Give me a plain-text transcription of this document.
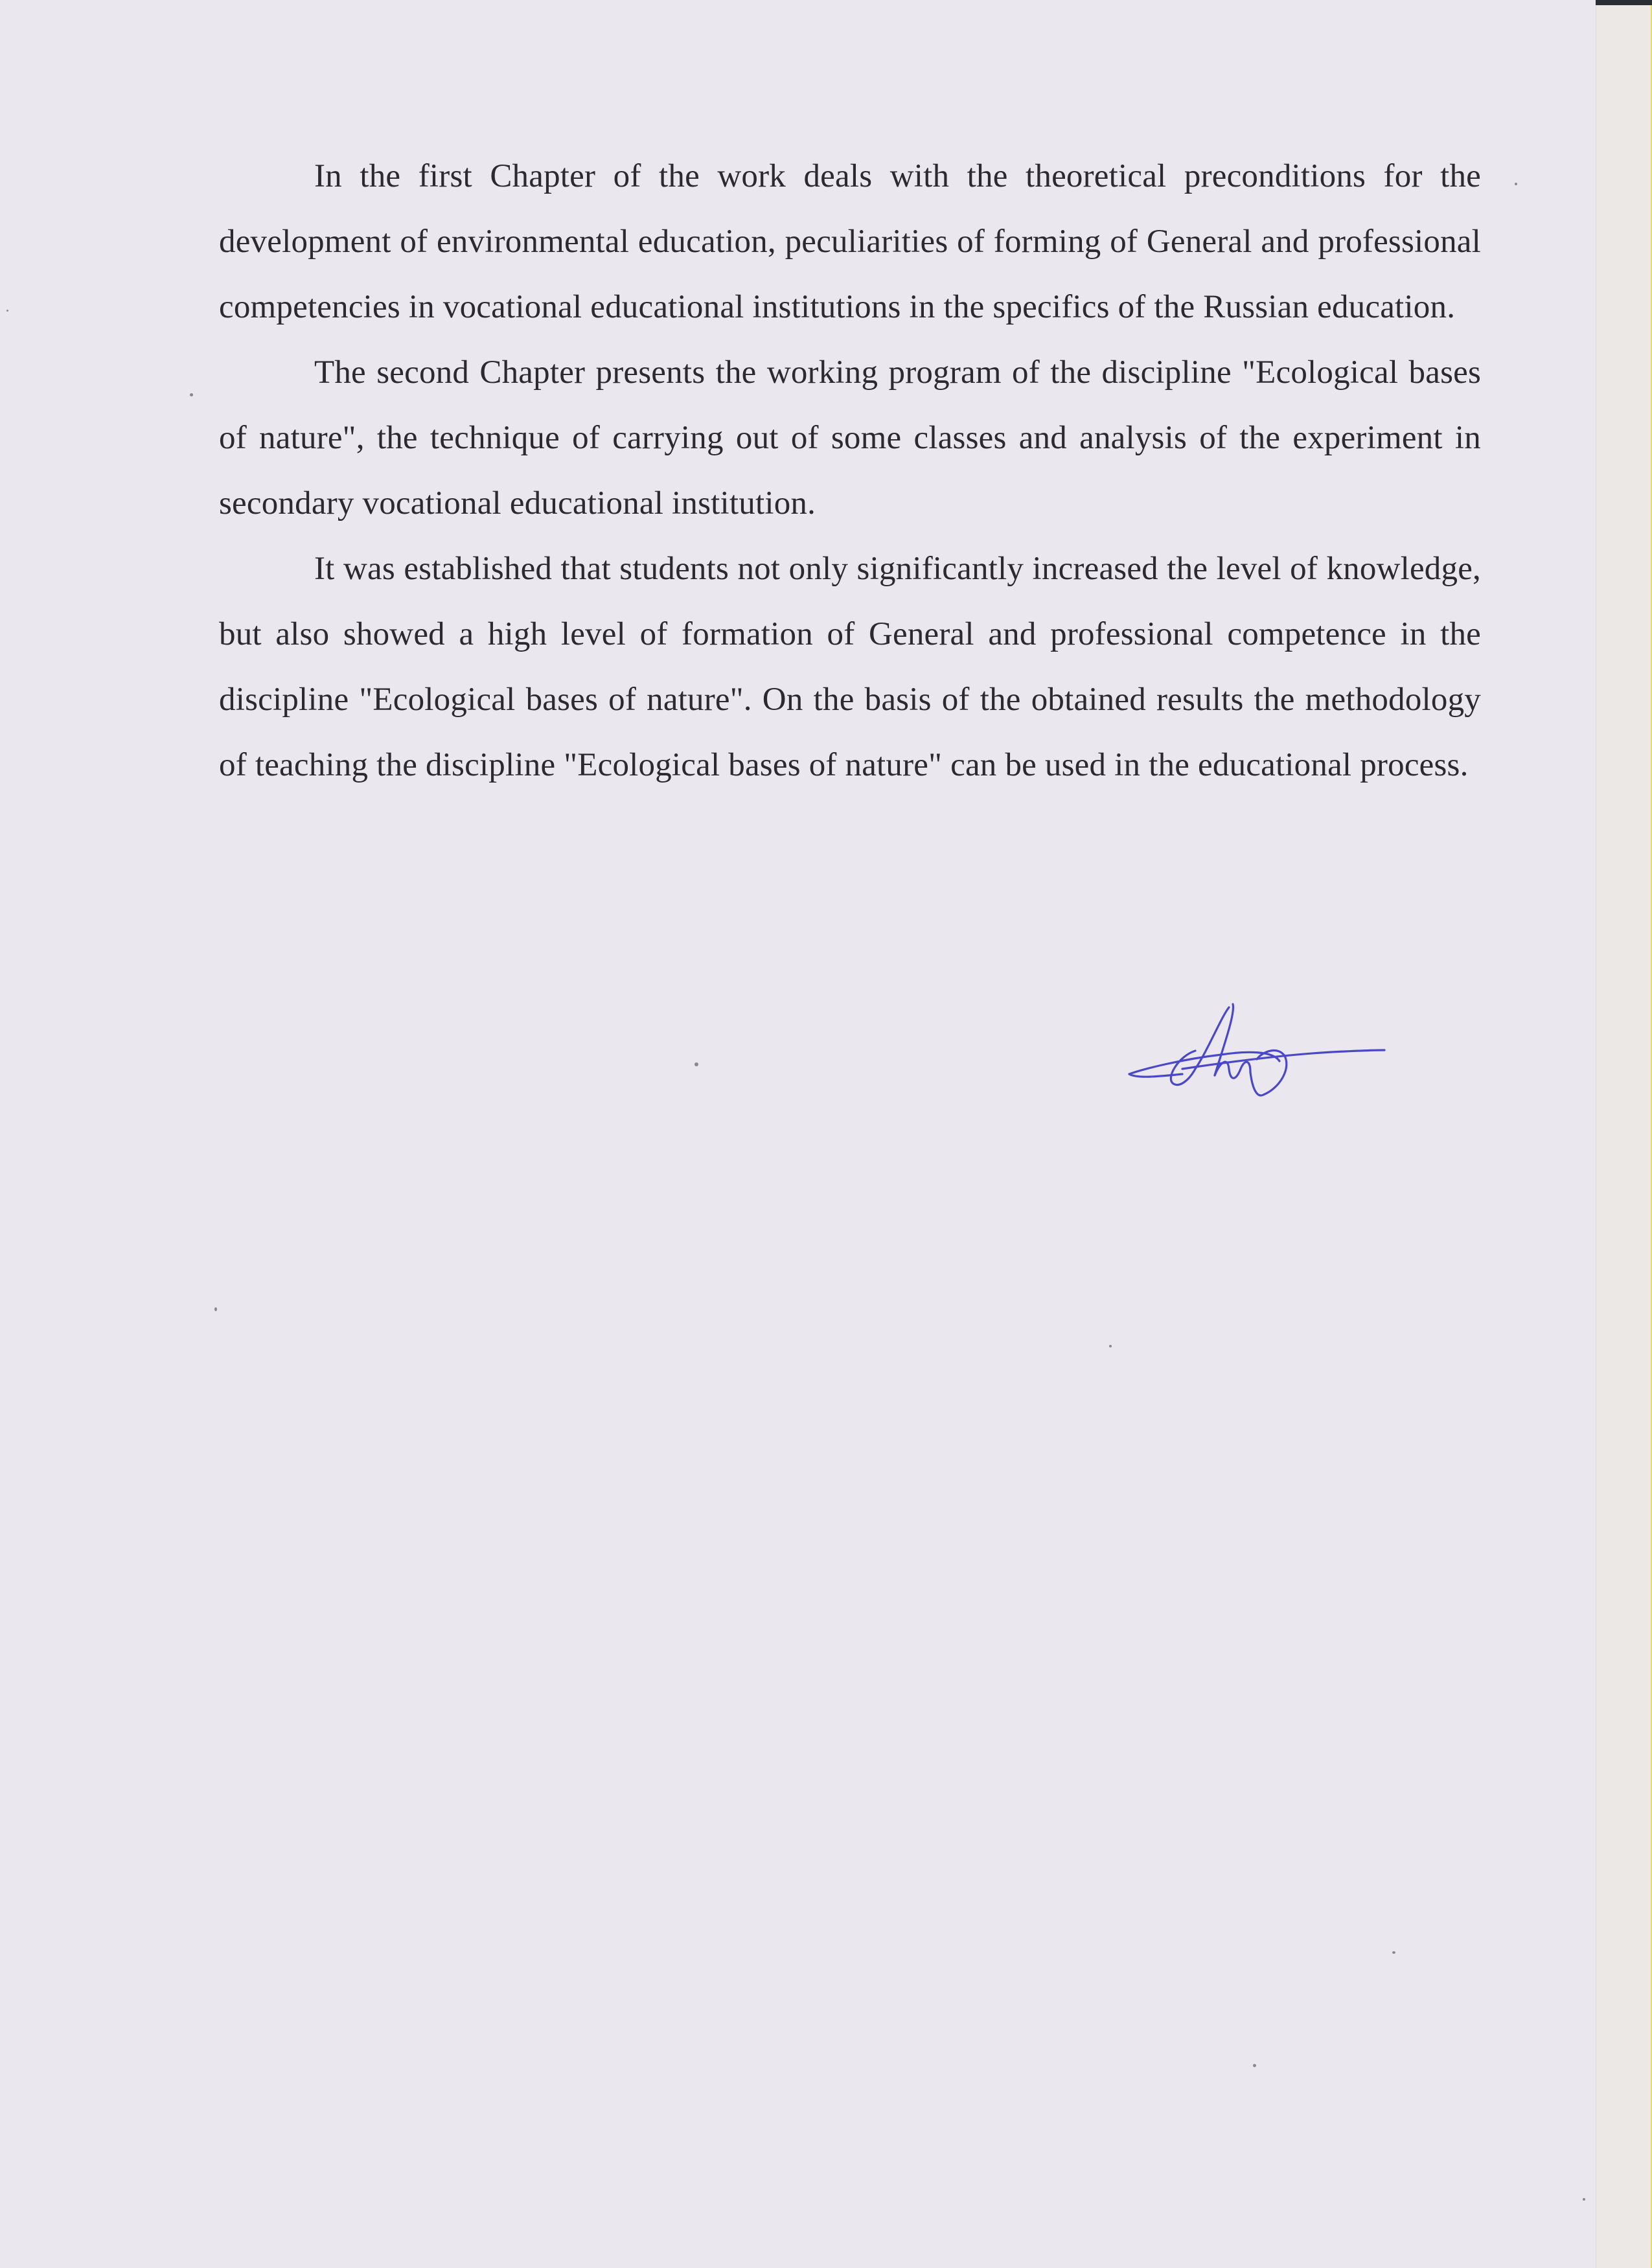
In the first Chapter of the work deals with the theoretical preconditions for the development of environmental education, peculiarities of forming of General and professional competencies in vocational educational institutions in the specifics of the Russian education.

The second Chapter presents the working program of the discipline "Ecological bases of nature", the technique of carrying out of some classes and analysis of the experiment in secondary vocational educational institution.

It was established that students not only significantly increased the level of knowledge, but also showed a high level of formation of General and professional competence in the discipline "Ecological bases of nature". On the basis of the obtained results the methodology of teaching the discipline "Ecological bases of nature" can be used in the educational process.
